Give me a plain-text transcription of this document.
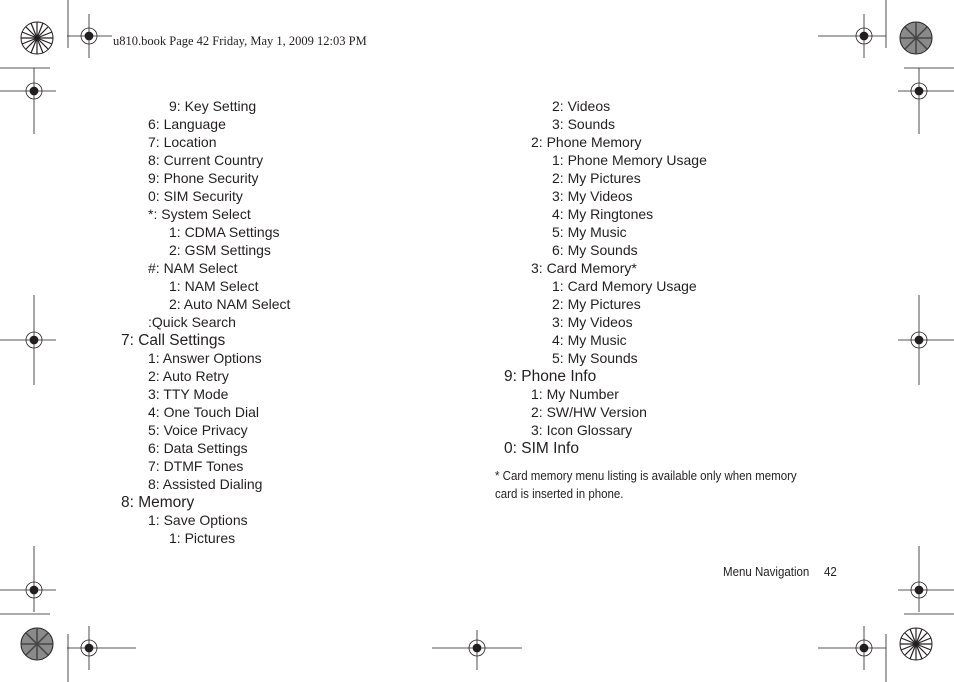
u810.book Page 42 Friday, May 1, 2009 12:03 PM
9: Key Setting
6: Language
7: Location
8: Current Country
9: Phone Security
0: SIM Security
*: System Select
1: CDMA Settings
2: GSM Settings
#: NAM Select
1: NAM Select
2: Auto NAM Select
:Quick Search
7: Call Settings
1: Answer Options
2: Auto Retry
3: TTY Mode
4: One Touch Dial
5: Voice Privacy
6: Data Settings
7: DTMF Tones
8: Assisted Dialing
8: Memory
1: Save Options
1: Pictures
2: Videos
3: Sounds
2: Phone Memory
1: Phone Memory Usage
2: My Pictures
3: My Videos
4: My Ringtones
5: My Music
6: My Sounds
3: Card Memory*
1: Card Memory Usage
2: My Pictures
3: My Videos
4: My Music
5: My Sounds
9: Phone Info
1: My Number
2: SW/HW Version
3: Icon Glossary
0: SIM Info
* Card memory menu listing is available only when memory card is inserted in phone.
Menu Navigation 42
